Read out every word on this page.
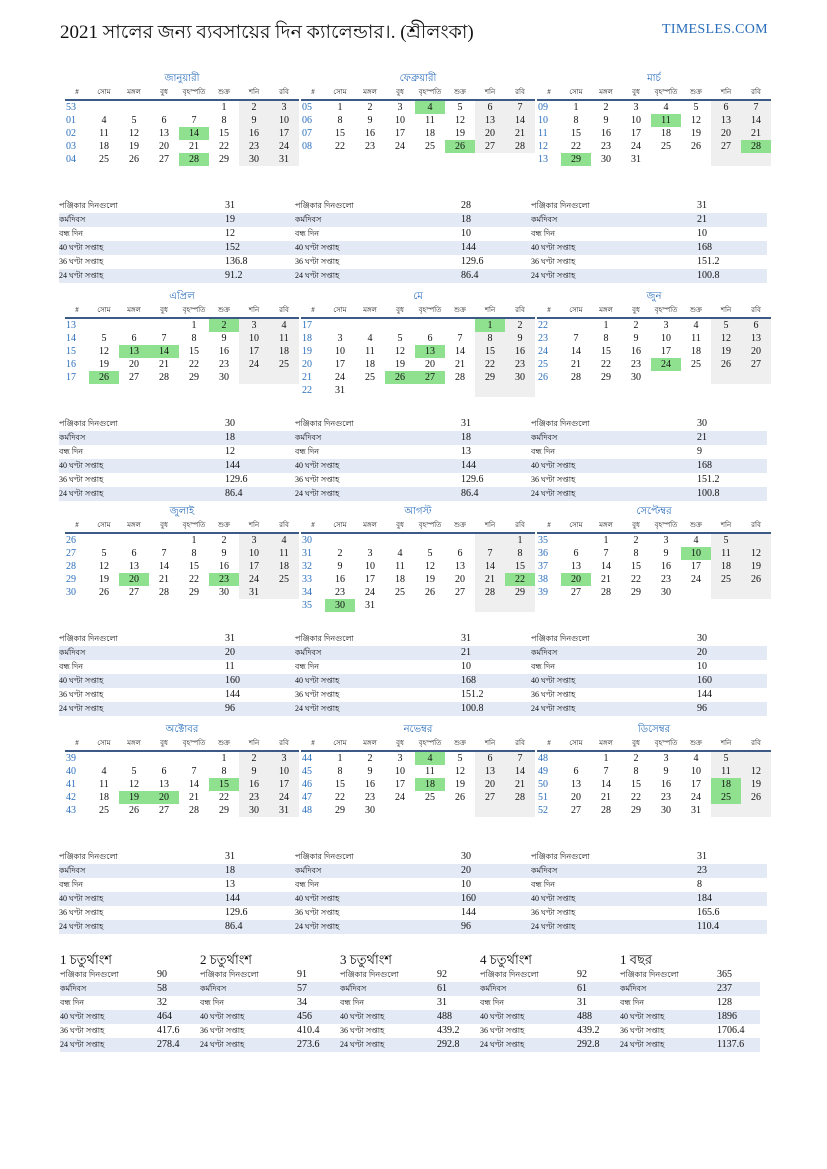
2021 সালের জন্য ব্যবসায়ের দিন ক্যালেন্ডার।. (শ্রীলংকা)	TIMESLES.COM
জানুয়ারী
#	সোম	মঙ্গল	বুধ	বৃহস্পতি	শুক্র	শনি	রবি
53					1	2	3
01	4	5	6	7	8	9	10
02	11	12	13	14	15	16	17
03	18	19	20	21	22	23	24
04	25	26	27	28	29	30	31
পঞ্জিকার দিনগুলো	31
কর্মদিবস	19
বন্ধ দিন	12
40 ঘণ্টা সপ্তাহ	152
36 ঘণ্টা সপ্তাহ	136.8
24 ঘণ্টা সপ্তাহ	91.2
ফেব্রুয়ারী
#	সোম	মঙ্গল	বুধ	বৃহস্পতি	শুক্র	শনি	রবি
05	1	2	3	4	5	6	7
06	8	9	10	11	12	13	14
07	15	16	17	18	19	20	21
08	22	23	24	25	26	27	28
পঞ্জিকার দিনগুলো	28
কর্মদিবস	18
বন্ধ দিন	10
40 ঘণ্টা সপ্তাহ	144
36 ঘণ্টা সপ্তাহ	129.6
24 ঘণ্টা সপ্তাহ	86.4
মার্চ
#	সোম	মঙ্গল	বুধ	বৃহস্পতি	শুক্র	শনি	রবি
09	1	2	3	4	5	6	7
10	8	9	10	11	12	13	14
11	15	16	17	18	19	20	21
12	22	23	24	25	26	27	28
13	29	30	31				
পঞ্জিকার দিনগুলো	31
কর্মদিবস	21
বন্ধ দিন	10
40 ঘণ্টা সপ্তাহ	168
36 ঘণ্টা সপ্তাহ	151.2
24 ঘণ্টা সপ্তাহ	100.8
এপ্রিল
#	সোম	মঙ্গল	বুধ	বৃহস্পতি	শুক্র	শনি	রবি
13				1	2	3	4
14	5	6	7	8	9	10	11
15	12	13	14	15	16	17	18
16	19	20	21	22	23	24	25
17	26	27	28	29	30		
পঞ্জিকার দিনগুলো	30
কর্মদিবস	18
বন্ধ দিন	12
40 ঘণ্টা সপ্তাহ	144
36 ঘণ্টা সপ্তাহ	129.6
24 ঘণ্টা সপ্তাহ	86.4
মে
#	সোম	মঙ্গল	বুধ	বৃহস্পতি	শুক্র	শনি	রবি
17						1	2
18	3	4	5	6	7	8	9
19	10	11	12	13	14	15	16
20	17	18	19	20	21	22	23
21	24	25	26	27	28	29	30
22	31						
পঞ্জিকার দিনগুলো	31
কর্মদিবস	18
বন্ধ দিন	13
40 ঘণ্টা সপ্তাহ	144
36 ঘণ্টা সপ্তাহ	129.6
24 ঘণ্টা সপ্তাহ	86.4
জুন
#	সোম	মঙ্গল	বুধ	বৃহস্পতি	শুক্র	শনি	রবি
22		1	2	3	4	5	6
23	7	8	9	10	11	12	13
24	14	15	16	17	18	19	20
25	21	22	23	24	25	26	27
26	28	29	30				
পঞ্জিকার দিনগুলো	30
কর্মদিবস	21
বন্ধ দিন	9
40 ঘণ্টা সপ্তাহ	168
36 ঘণ্টা সপ্তাহ	151.2
24 ঘণ্টা সপ্তাহ	100.8
জুলাই
#	সোম	মঙ্গল	বুধ	বৃহস্পতি	শুক্র	শনি	রবি
26				1	2	3	4
27	5	6	7	8	9	10	11
28	12	13	14	15	16	17	18
29	19	20	21	22	23	24	25
30	26	27	28	29	30	31	
পঞ্জিকার দিনগুলো	31
কর্মদিবস	20
বন্ধ দিন	11
40 ঘণ্টা সপ্তাহ	160
36 ঘণ্টা সপ্তাহ	144
24 ঘণ্টা সপ্তাহ	96
আগস্ট
#	সোম	মঙ্গল	বুধ	বৃহস্পতি	শুক্র	শনি	রবি
30							1
31	2	3	4	5	6	7	8
32	9	10	11	12	13	14	15
33	16	17	18	19	20	21	22
34	23	24	25	26	27	28	29
35	30	31					
পঞ্জিকার দিনগুলো	31
কর্মদিবস	21
বন্ধ দিন	10
40 ঘণ্টা সপ্তাহ	168
36 ঘণ্টা সপ্তাহ	151.2
24 ঘণ্টা সপ্তাহ	100.8
সেপ্টেম্বর
#	সোম	মঙ্গল	বুধ	বৃহস্পতি	শুক্র	শনি	রবি
35		1	2	3	4	5	
36	6	7	8	9	10	11	12
37	13	14	15	16	17	18	19
38	20	21	22	23	24	25	26
39	27	28	29	30			
পঞ্জিকার দিনগুলো	30
কর্মদিবস	20
বন্ধ দিন	10
40 ঘণ্টা সপ্তাহ	160
36 ঘণ্টা সপ্তাহ	144
24 ঘণ্টা সপ্তাহ	96
অক্টোবর
#	সোম	মঙ্গল	বুধ	বৃহস্পতি	শুক্র	শনি	রবি
39					1	2	3
40	4	5	6	7	8	9	10
41	11	12	13	14	15	16	17
42	18	19	20	21	22	23	24
43	25	26	27	28	29	30	31
পঞ্জিকার দিনগুলো	31
কর্মদিবস	18
বন্ধ দিন	13
40 ঘণ্টা সপ্তাহ	144
36 ঘণ্টা সপ্তাহ	129.6
24 ঘণ্টা সপ্তাহ	86.4
নভেম্বর
#	সোম	মঙ্গল	বুধ	বৃহস্পতি	শুক্র	শনি	রবি
44	1	2	3	4	5	6	7
45	8	9	10	11	12	13	14
46	15	16	17	18	19	20	21
47	22	23	24	25	26	27	28
48	29	30					
পঞ্জিকার দিনগুলো	30
কর্মদিবস	20
বন্ধ দিন	10
40 ঘণ্টা সপ্তাহ	160
36 ঘণ্টা সপ্তাহ	144
24 ঘণ্টা সপ্তাহ	96
ডিসেম্বর
#	সোম	মঙ্গল	বুধ	বৃহস্পতি	শুক্র	শনি	রবি
48		1	2	3	4	5	
49	6	7	8	9	10	11	12
50	13	14	15	16	17	18	19
51	20	21	22	23	24	25	26
52	27	28	29	30	31		
পঞ্জিকার দিনগুলো	31
কর্মদিবস	23
বন্ধ দিন	8
40 ঘণ্টা সপ্তাহ	184
36 ঘণ্টা সপ্তাহ	165.6
24 ঘণ্টা সপ্তাহ	110.4
1 চতুর্থাংশ
পঞ্জিকার দিনগুলো	90
কর্মদিবস	58
বন্ধ দিন	32
40 ঘণ্টা সপ্তাহ	464
36 ঘণ্টা সপ্তাহ	417.6
24 ঘণ্টা সপ্তাহ	278.4
2 চতুর্থাংশ
পঞ্জিকার দিনগুলো	91
কর্মদিবস	57
বন্ধ দিন	34
40 ঘণ্টা সপ্তাহ	456
36 ঘণ্টা সপ্তাহ	410.4
24 ঘণ্টা সপ্তাহ	273.6
3 চতুর্থাংশ
পঞ্জিকার দিনগুলো	92
কর্মদিবস	61
বন্ধ দিন	31
40 ঘণ্টা সপ্তাহ	488
36 ঘণ্টা সপ্তাহ	439.2
24 ঘণ্টা সপ্তাহ	292.8
4 চতুর্থাংশ
পঞ্জিকার দিনগুলো	92
কর্মদিবস	61
বন্ধ দিন	31
40 ঘণ্টা সপ্তাহ	488
36 ঘণ্টা সপ্তাহ	439.2
24 ঘণ্টা সপ্তাহ	292.8
1 বছর
পঞ্জিকার দিনগুলো	365
কর্মদিবস	237
বন্ধ দিন	128
40 ঘণ্টা সপ্তাহ	1896
36 ঘণ্টা সপ্তাহ	1706.4
24 ঘণ্টা সপ্তাহ	1137.6
